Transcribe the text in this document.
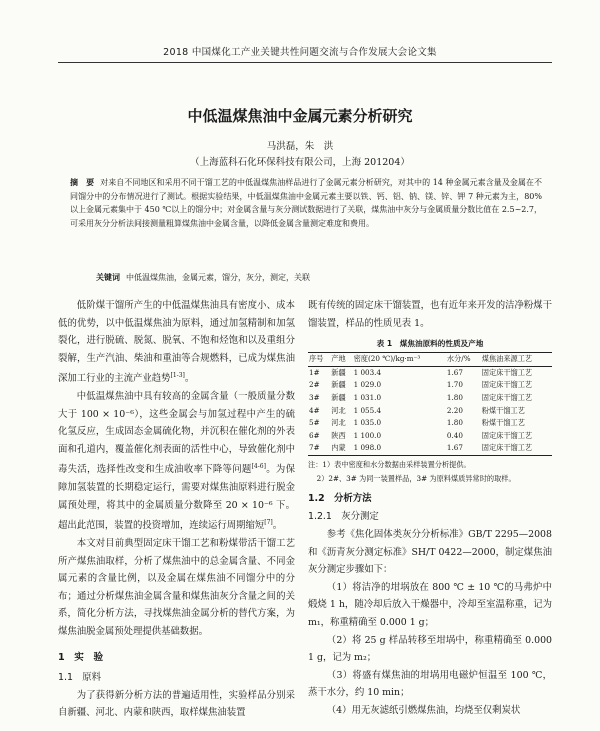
2018 中国煤化工产业关键共性问题交流与合作发展大会论文集
中低温煤焦油中金属元素分析研究
马洪磊，朱　洪
（上海蓝科石化环保科技有限公司，上海 201204）
摘　要 对来自不同地区和采用不同干馏工艺的中低温煤焦油样品进行了金属元素分析研究，对其中的 14 种金属元素含量及金属在不同馏分中的分布情况进行了测试。根据实验结果，中低温煤焦油中金属元素主要以铁、钙、铝、钠、镁、锌、钾 7 种元素为主，80%以上金属元素集中于 450 ℃以上的馏分中；对金属含量与灰分测试数据进行了关联，煤焦油中灰分与金属质量分数比值在 2.5~2.7，可采用灰分分析法间接测量粗算煤焦油中金属含量，以降低金属含量测定难度和费用。
关键词 中低温煤焦油，金属元素，馏分，灰分，测定，关联

低阶煤干馏所产生的中低温煤焦油具有密度小、成本低的优势，以中低温煤焦油为原料，通过加氢精制和加氢裂化，进行脱硫、脱氮、脱氧、不饱和烃饱和以及重组分裂解，生产汽油、柴油和重油等合规燃料，已成为煤焦油深加工行业的主流产业趋势[1-3]。

中低温煤焦油中具有较高的金属含量（一般质量分数大于 100 × 10⁻⁶），这些金属会与加氢过程中产生的硫化氢反应，生成固态金属硫化物，并沉积在催化剂的外表面和孔道内，覆盖催化剂表面的活性中心，导致催化剂中毒失活，选择性改变和生成油收率下降等问题[4-6]。为保障加氢装置的长期稳定运行，需要对煤焦油原料进行脱金属预处理，将其中的金属质量分数降至 20 × 10⁻⁶ 下。超出此范围，装置的投资增加，连续运行周期缩短[7]。

本文对目前典型固定床干馏工艺和粉煤带活干馏工艺所产煤焦油取样，分析了煤焦油中的总金属含量、不同金属元素的含量比例，以及金属在煤焦油不同馏分中的分布；通过分析煤焦油金属含量和煤焦油灰分含量之间的关系，简化分析方法，寻找煤焦油金属分析的替代方案，为煤焦油脱金属预处理提供基础数据。

1　实　验
1.1　原料

为了获得新分析方法的普遍适用性，实验样品分别采自新疆、河北、内蒙和陕西，取样煤焦油装置

既有传统的固定床干馏装置，也有近年来开发的洁净粉煤干馏装置，样品的性质见表 1。

表 1　煤焦油原料的性质及产地
序号	产地	密度(20 ℃)/kg·m⁻³	水分/%	煤焦油来源工艺
1#	新疆	1 003.4	1.67	固定床干馏工艺
2#	新疆	1 029.0	1.70	固定床干馏工艺
3#	新疆	1 031.0	1.80	固定床干馏工艺
4#	河北	1 055.4	2.20	粉煤干馏工艺
5#	河北	1 035.0	1.80	粉煤干馏工艺
6#	陕西	1 100.0	0.40	固定床干馏工艺
7#	内蒙	1 098.0	1.67	固定床干馏工艺
注：1）表中密度和水分数据由采样装置分析提供。
2）2#、3# 为同一装置样品，3# 为原料煤质异常时的取样。
1.2　分析方法
1.2.1　灰分测定

参考《焦化固体类灰分分析标准》GB/T 2295—2008 和《沥青灰分测定标准》SH/T 0422—2000，制定煤焦油灰分测定步骤如下：

（1）将洁净的坩埚放在 800 ℃ ± 10 ℃的马弗炉中煅烧 1 h，随冷却后放入干燥器中，冷却至室温称重，记为 m₁，称重精确至 0.000 1 g；

（2）将 25 g 样品转移至坩埚中，称重精确至 0.000 1 g，记为 m₂；

（3）将盛有煤焦油的坩埚用电磁炉恒温至 100 ℃，蒸干水分，约 10 min；

（4）用无灰滤纸引燃煤焦油，均烧至仅剩炭状
